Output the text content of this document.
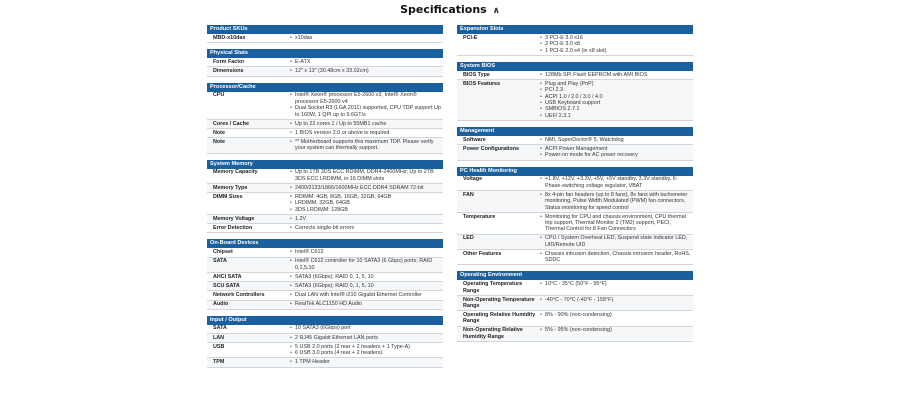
Specifications ∧
Product SKUs
MBD-x10dax	• x10dax
Physical Stats
Form Factor	• E-ATX
Dimensions	• 12" x 13" (30.48cm x 33.02cm)
Processor/Cache
CPU	• Intel® Xeon® processor E5-2600 v3, Intel® Xeon® processor E5-2600 v4
• Dual Socket R3 (LGA 2011) supported, CPU TDP support Up to 160W, 1 QPI up to 9.6GT/s
Cores / Cache	• Up to 22 cores 1 / Up to 55MB1 cache
Note	• 1 BIOS version 2.0 or above is required
Note	• ** Motherboard supports this maximum TDP. Please verify your system can thermally support.
System Memory
Memory Capacity	• Up to 1TB 3DS ECC RDIMM, DDR4-2400MHz; Up to 2TB 3DS ECC LRDIMM, in 16 DIMM slots
Memory Type	• 2400/2133/1866/1600MHz ECC DDR4 SDRAM 72-bit
DIMM Sizes	• RDIMM: 4GB, 8GB, 16GB, 32GB, 64GB
• LRDIMM: 32GB, 64GB
• 3DS LRDIMM: 128GB
Memory Voltage	• 1.2V
Error Detection	• Corrects single-bit errors
On-Board Devices
Chipset	• Intel® C612
SATA	• Intel® C612 controller for 10 SATA3 (6 Gbps) ports; RAID 0,1,5,10
AHCI SATA	• SATA3 (6Gbps); RAID 0, 1, 5, 10
SCU SATA	• SATA3 (6Gbps); RAID 0, 1, 5, 10
Network Controllers	• Dual LAN with Intel® i210 Gigabit Ethernet Controller
Audio	• RealTek ALC1150 HD Audio
Input / Output
SATA	• 10 SATA3 (6Gbps) port
LAN	• 2 RJ45 Gigabit Ethernet LAN ports
USB	• 5 USB 2.0 ports (2 rear + 2 headers + 1 Type-A)
• 6 USB 3.0 ports (4 rear + 2 headers)
TPM	• 1 TPM Header
Expansion Slots
PCI-E	• 3 PCI-E 3.0 x16
• 2 PCI-E 3.0 x8
• 1 PCI-E 2.0 x4 (in x8 slot)
System BIOS
BIOS Type	• 128Mb SPI Flash EEPROM with AMI BIOS
BIOS Features	• Plug and Play (PnP)
• PCI 2.3
• ACPI 1.0 / 2.0 / 3.0 / 4.0
• USB Keyboard support
• SMBIOS 2.7.1
• UEFI 2.3.1
Management
Software	• NMI, SuperDoctor® 5, Watchdog
Power Configurations	• ACPI Power Management
• Power-on mode for AC power recovery
PC Health Monitoring
Voltage	• +1.8V, +12V, +3.3V, +5V, +5V standby, 3.3V standby, 6-Phase-switching voltage regulator, VBAT
FAN	• 8x 4-pin fan headers (up to 8 fans), 8x fans with tachometer monitoring, Pulse Width Modulated (PWM) fan connectors, Status monitoring for speed control
Temperature	• Monitoring for CPU and chassis environment, CPU thermal trip support, Thermal Monitor 2 (TM2) support, PECI, Thermal Control for 8 Fan Connectors
LED	• CPU / System Overheat LED, Suspend state indicator LED, UID/Remote UID
Other Features	• Chassis intrusion detection, Chassis intrusion header, RoHS, SDDC
Operating Environment
Operating Temperature Range
• 10°C - 35°C (50°F - 95°F)
Non-Operating Temperature Range
• -40°C - 70°C (-40°F - 158°F)
Operating Relative Humidity Range
• 8% - 90% (non-condensing)
Non-Operating Relative Humidity Range
• 5% - 95% (non-condensing)
